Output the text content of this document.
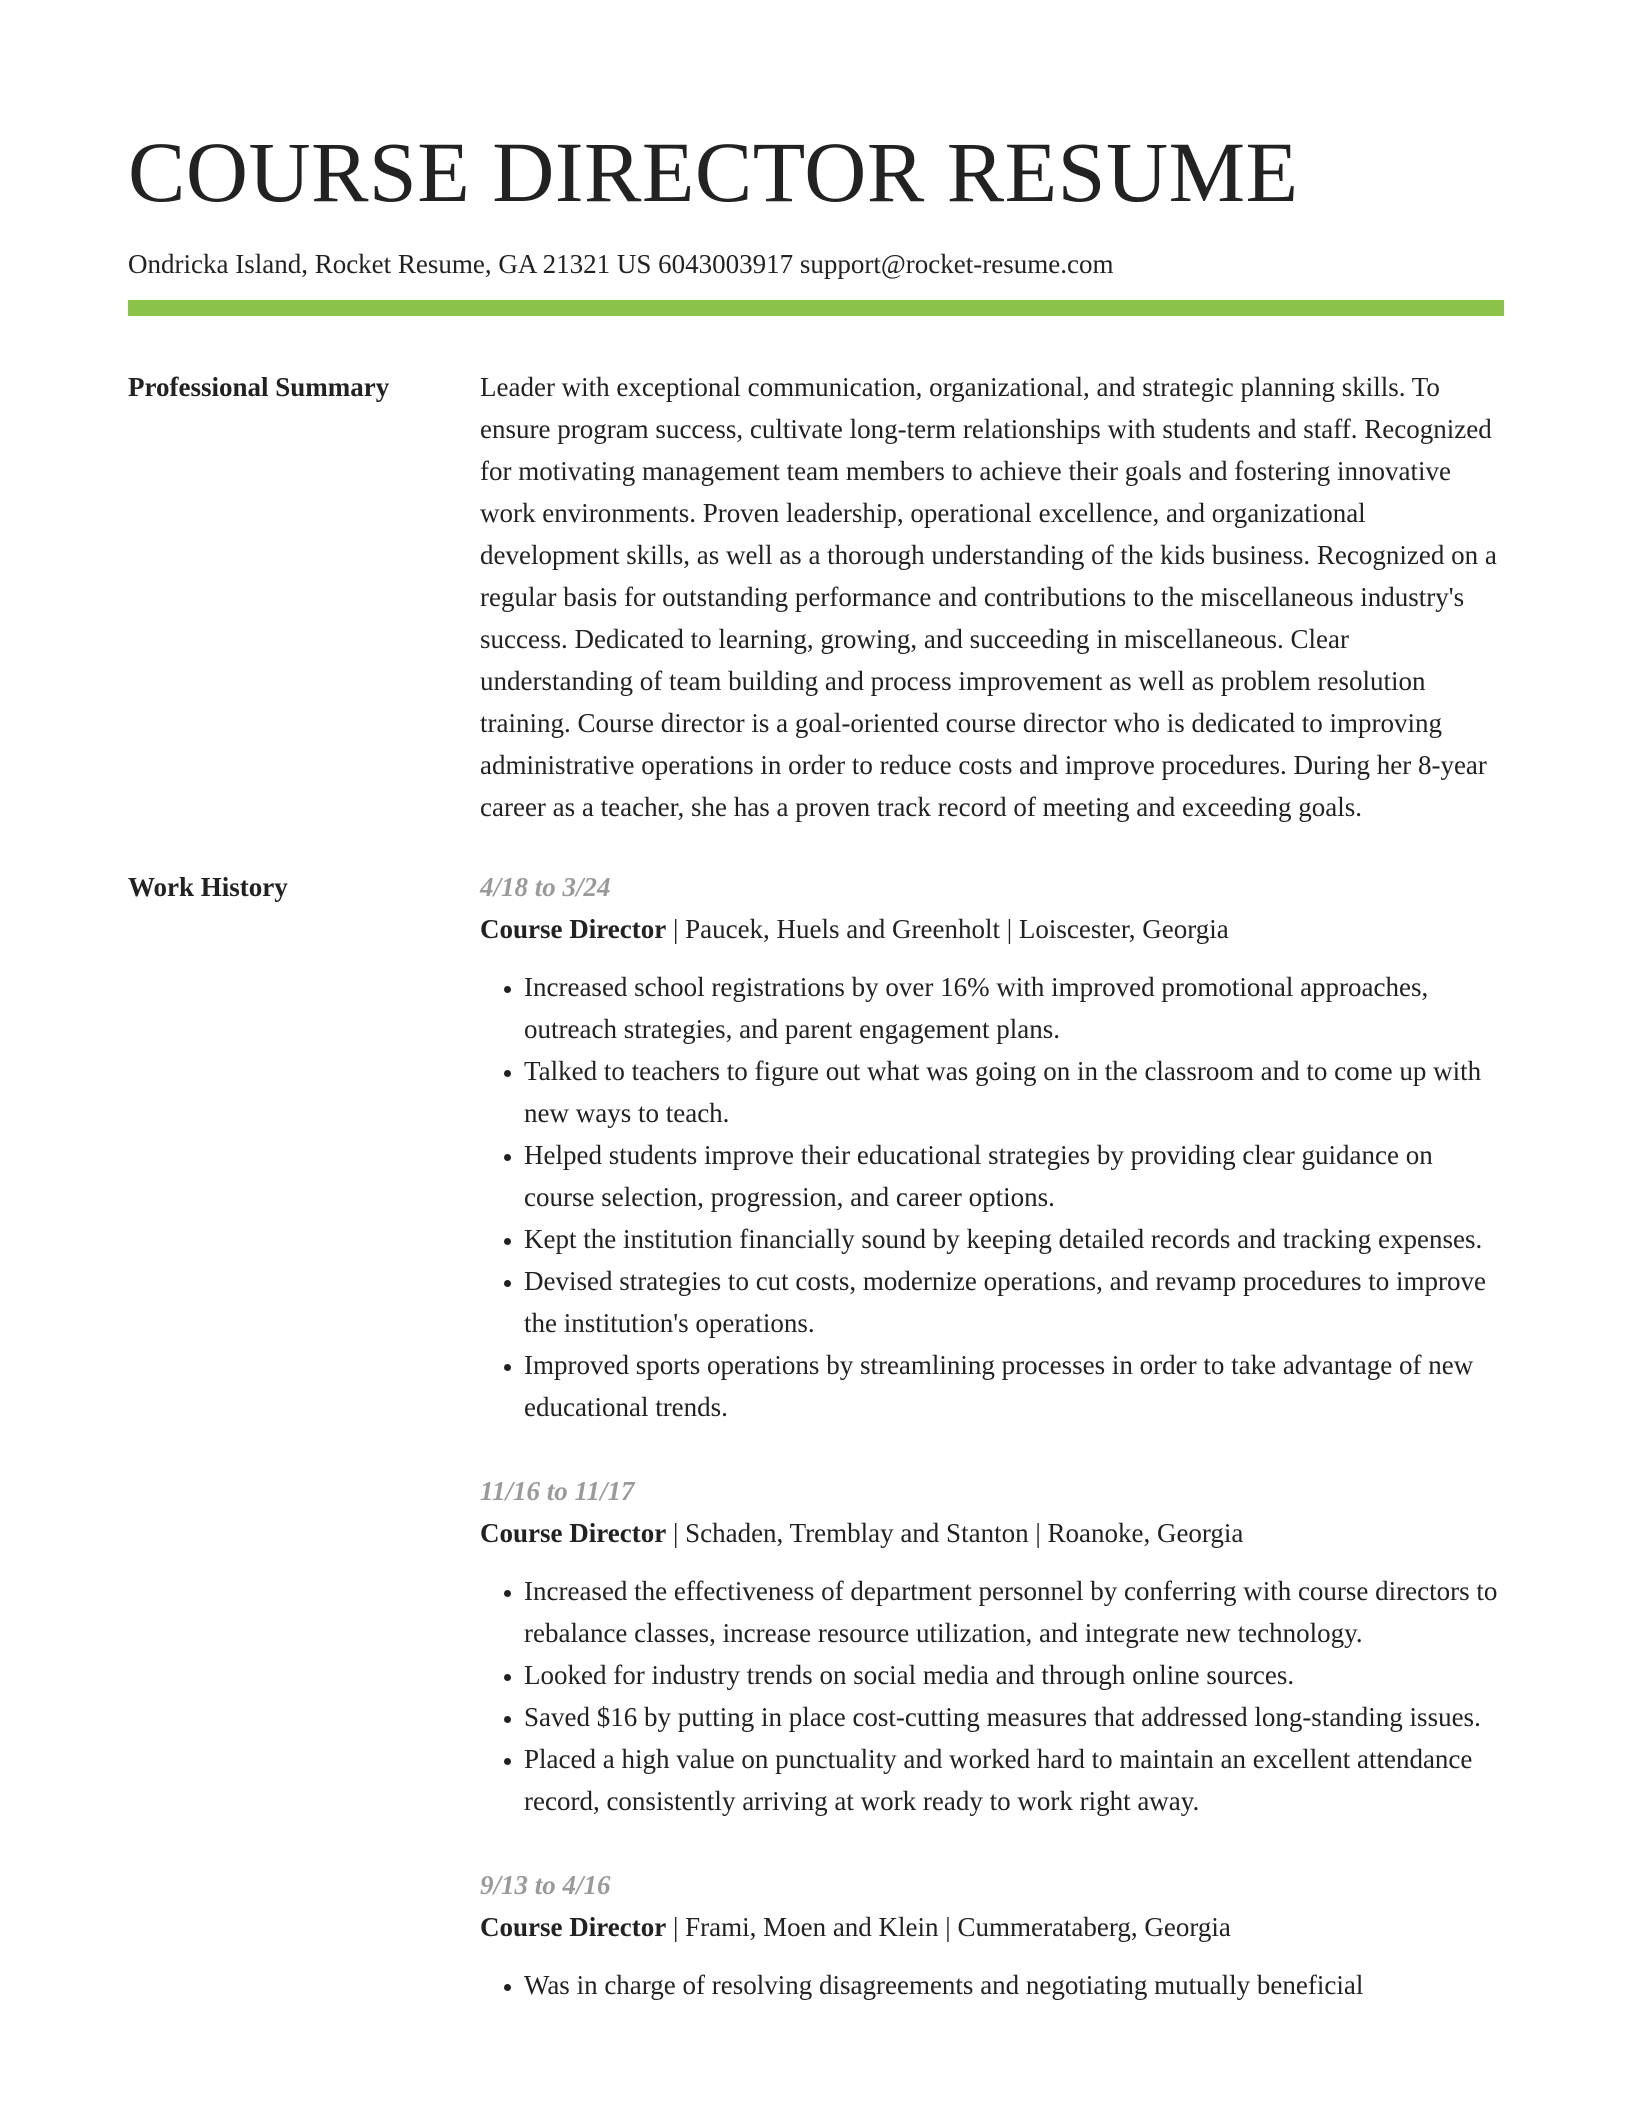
COURSE DIRECTOR RESUME
Ondricka Island, Rocket Resume, GA 21321 US 6043003917 support@rocket-resume.com
Professional Summary	Leader with exceptional communication, organizational, and strategic planning skills. To ensure program success, cultivate long-term relationships with students and staff. Recognized for motivating management team members to achieve their goals and fostering innovative work environments. Proven leadership, operational excellence, and organizational development skills, as well as a thorough understanding of the kids business. Recognized on a regular basis for outstanding performance and contributions to the miscellaneous industry's success. Dedicated to learning, growing, and succeeding in miscellaneous. Clear understanding of team building and process improvement as well as problem resolution training. Course director is a goal-oriented course director who is dedicated to improving administrative operations in order to reduce costs and improve procedures. During her 8-year career as a teacher, she has a proven track record of meeting and exceeding goals.

Work History	4/18 to 3/24
Course Director | Paucek, Huels and Greenholt | Loiscester, Georgia
• Increased school registrations by over 16% with improved promotional approaches, outreach strategies, and parent engagement plans.
• Talked to teachers to figure out what was going on in the classroom and to come up with new ways to teach.
• Helped students improve their educational strategies by providing clear guidance on course selection, progression, and career options.
• Kept the institution financially sound by keeping detailed records and tracking expenses.
• Devised strategies to cut costs, modernize operations, and revamp procedures to improve the institution's operations.
• Improved sports operations by streamlining processes in order to take advantage of new educational trends.
11/16 to 11/17
Course Director | Schaden, Tremblay and Stanton | Roanoke, Georgia
• Increased the effectiveness of department personnel by conferring with course directors to rebalance classes, increase resource utilization, and integrate new technology.
• Looked for industry trends on social media and through online sources.
• Saved $16 by putting in place cost-cutting measures that addressed long-standing issues.
• Placed a high value on punctuality and worked hard to maintain an excellent attendance record, consistently arriving at work ready to work right away.
9/13 to 4/16
Course Director | Frami, Moen and Klein | Cummerataberg, Georgia
• Was in charge of resolving disagreements and negotiating mutually beneficial
